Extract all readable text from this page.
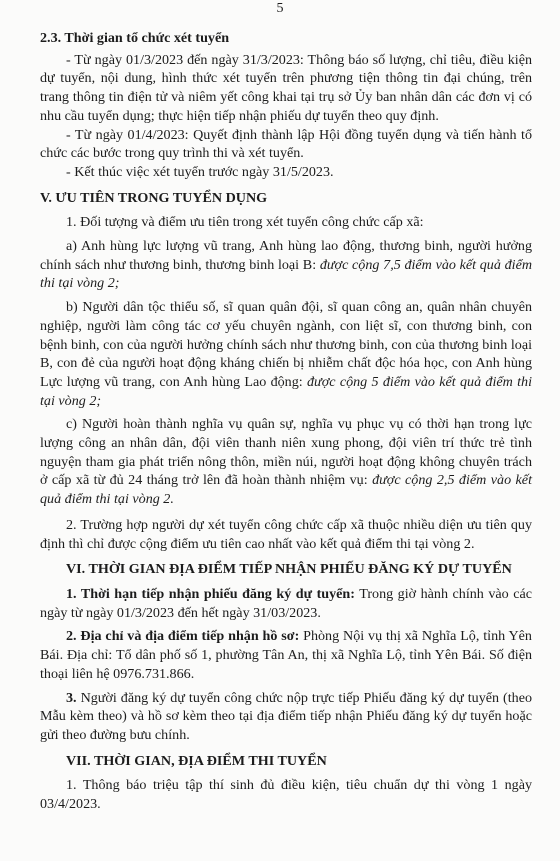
5

2.3. Thời gian tổ chức xét tuyển

- Từ ngày 01/3/2023 đến ngày 31/3/2023: Thông báo số lượng, chỉ tiêu, điều kiện dự tuyển, nội dung, hình thức xét tuyển trên phương tiện thông tin đại chúng, trên trang thông tin điện tử và niêm yết công khai tại trụ sở Ủy ban nhân dân các đơn vị có nhu cầu tuyển dụng; thực hiện tiếp nhận phiếu dự tuyển theo quy định.

- Từ ngày 01/4/2023: Quyết định thành lập Hội đồng tuyển dụng và tiến hành tổ chức các bước trong quy trình thi và xét tuyển.

- Kết thúc việc xét tuyển trước ngày 31/5/2023.

V. ƯU TIÊN TRONG TUYỂN DỤNG

1. Đối tượng và điểm ưu tiên trong xét tuyển công chức cấp xã:

a) Anh hùng lực lượng vũ trang, Anh hùng lao động, thương binh, người hưởng chính sách như thương binh, thương binh loại B: được cộng 7,5 điểm vào kết quả điểm thi tại vòng 2;

b) Người dân tộc thiểu số, sĩ quan quân đội, sĩ quan công an, quân nhân chuyên nghiệp, người làm công tác cơ yếu chuyên ngành, con liệt sĩ, con thương binh, con bệnh binh, con của người hưởng chính sách như thương binh, con của thương binh loại B, con đẻ của người hoạt động kháng chiến bị nhiễm chất độc hóa học, con Anh hùng Lực lượng vũ trang, con Anh hùng Lao động: được cộng 5 điểm vào kết quả điểm thi tại vòng 2;

c) Người hoàn thành nghĩa vụ quân sự, nghĩa vụ phục vụ có thời hạn trong lực lượng công an nhân dân, đội viên thanh niên xung phong, đội viên trí thức trẻ tình nguyện tham gia phát triển nông thôn, miền núi, người hoạt động không chuyên trách ở cấp xã từ đủ 24 tháng trở lên đã hoàn thành nhiệm vụ: được cộng 2,5 điểm vào kết quả điểm thi tại vòng 2.

2. Trường hợp người dự xét tuyển công chức cấp xã thuộc nhiều diện ưu tiên quy định thì chỉ được cộng điểm ưu tiên cao nhất vào kết quả điểm thi tại vòng 2.

VI. THỜI GIAN ĐỊA ĐIỂM TIẾP NHẬN PHIẾU ĐĂNG KÝ DỰ TUYỂN

1. Thời hạn tiếp nhận phiếu đăng ký dự tuyển: Trong giờ hành chính vào các ngày từ ngày 01/3/2023 đến hết ngày 31/03/2023.

2. Địa chỉ và địa điểm tiếp nhận hồ sơ: Phòng Nội vụ thị xã Nghĩa Lộ, tỉnh Yên Bái. Địa chỉ: Tổ dân phố số 1, phường Tân An, thị xã Nghĩa Lộ, tỉnh Yên Bái. Số điện thoại liên hệ 0976.731.866.

3. Người đăng ký dự tuyển công chức nộp trực tiếp Phiếu đăng ký dự tuyển (theo Mẫu kèm theo) và hồ sơ kèm theo tại địa điểm tiếp nhận Phiếu đăng ký dự tuyển hoặc gửi theo đường bưu chính.

VII. THỜI GIAN, ĐỊA ĐIỂM THI TUYỂN

1. Thông báo triệu tập thí sinh đủ điều kiện, tiêu chuẩn dự thi vòng 1 ngày 03/4/2023.
